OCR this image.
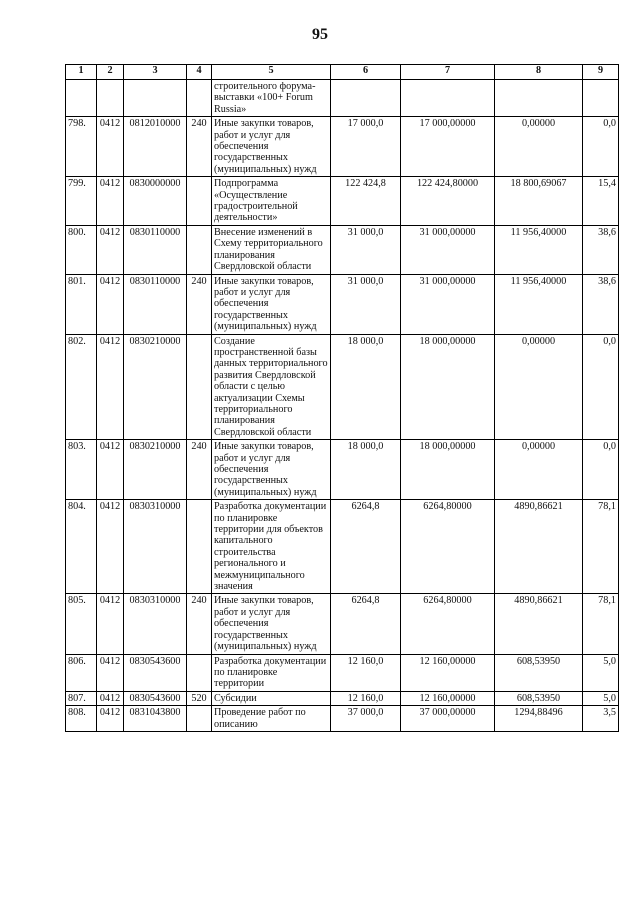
95
1	2	3	4	5	6	7	8	9
				строительного форума-выставки «100+ Forum Russia»				
798.	0412	0812010000	240	Иные закупки товаров, работ и услуг для обеспечения государственных (муниципальных) нужд	17 000,0	17 000,00000	0,00000	0,0
799.	0412	0830000000		Подпрограмма «Осуществление градостроительной деятельности»	122 424,8	122 424,80000	18 800,69067	15,4
800.	0412	0830110000		Внесение изменений в Схему территориального планирования Свердловской области	31 000,0	31 000,00000	11 956,40000	38,6
801.	0412	0830110000	240	Иные закупки товаров, работ и услуг для обеспечения государственных (муниципальных) нужд	31 000,0	31 000,00000	11 956,40000	38,6
802.	0412	0830210000		Создание пространственной базы данных территориального развития Свердловской области с целью актуализации Схемы территориального планирования Свердловской области	18 000,0	18 000,00000	0,00000	0,0
803.	0412	0830210000	240	Иные закупки товаров, работ и услуг для обеспечения государственных (муниципальных) нужд	18 000,0	18 000,00000	0,00000	0,0
804.	0412	0830310000		Разработка документации по планировке территории для объектов капитального строительства регионального и межмуниципального значения	6264,8	6264,80000	4890,86621	78,1
805.	0412	0830310000	240	Иные закупки товаров, работ и услуг для обеспечения государственных (муниципальных) нужд	6264,8	6264,80000	4890,86621	78,1
806.	0412	0830543600		Разработка документации по планировке территории	12 160,0	12 160,00000	608,53950	5,0
807.	0412	0830543600	520	Субсидии	12 160,0	12 160,00000	608,53950	5,0
808.	0412	0831043800		Проведение работ по описанию	37 000,0	37 000,00000	1294,88496	3,5
